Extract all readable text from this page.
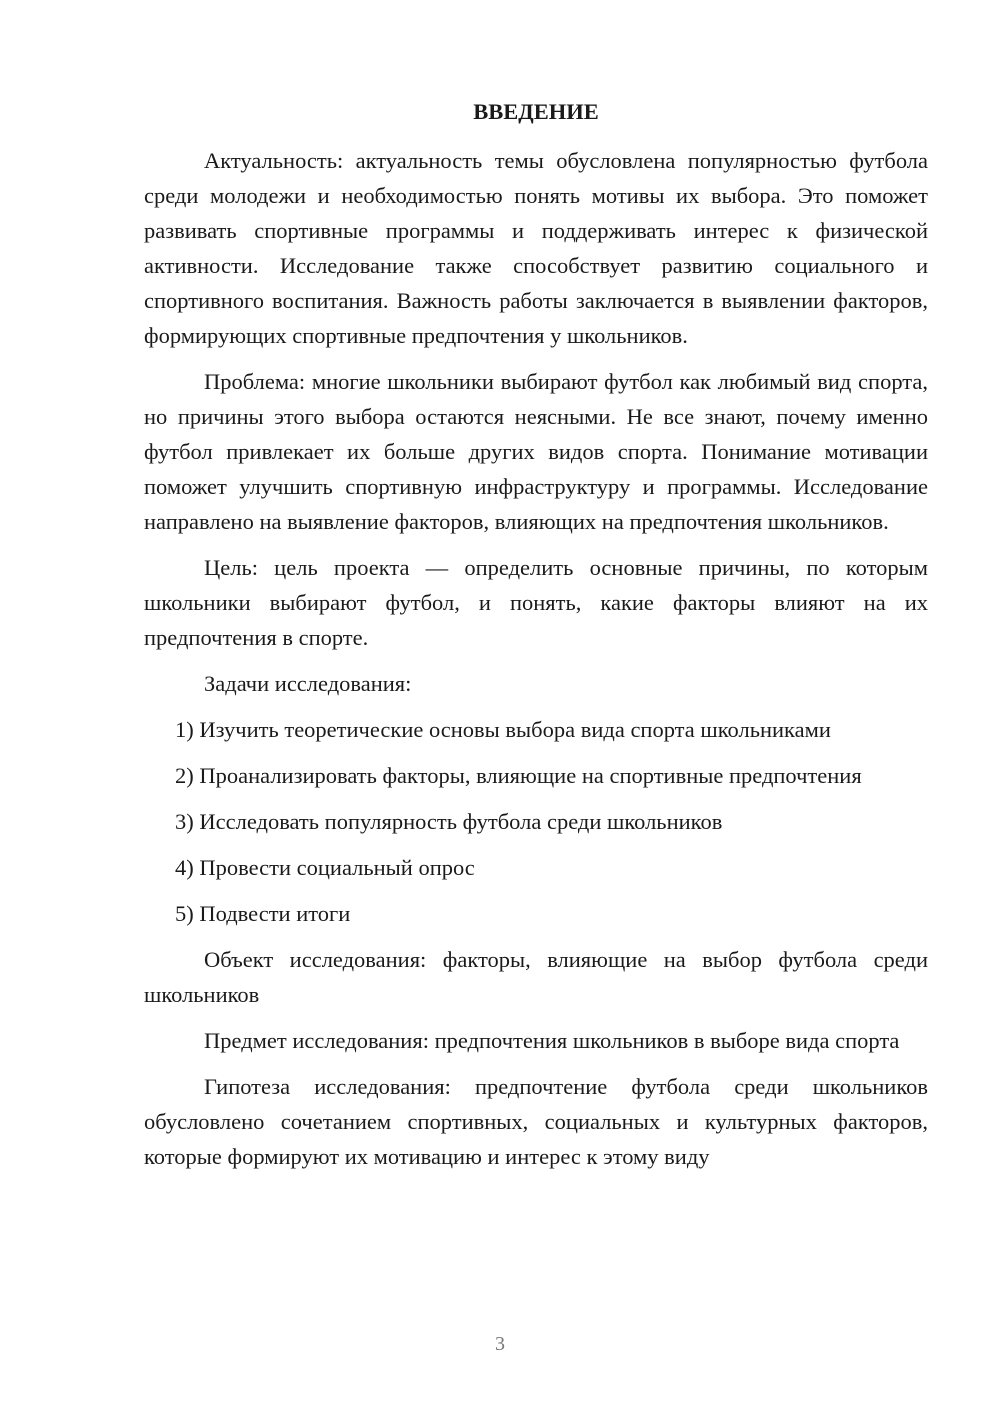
ВВЕДЕНИЕ

Актуальность: актуальность темы обусловлена популярностью футбола среди молодежи и необходимостью понять мотивы их выбора. Это поможет развивать спортивные программы и поддерживать интерес к физической активности. Исследование также способствует развитию социального и спортивного воспитания. Важность работы заключается в выявлении факторов, формирующих спортивные предпочтения у школьников.

Проблема: многие школьники выбирают футбол как любимый вид спорта, но причины этого выбора остаются неясными. Не все знают, почему именно футбол привлекает их больше других видов спорта. Понимание мотивации поможет улучшить спортивную инфраструктуру и программы. Исследование направлено на выявление факторов, влияющих на предпочтения школьников.

Цель: цель проекта — определить основные причины, по которым школьники выбирают футбол, и понять, какие факторы влияют на их предпочтения в спорте.

Задачи исследования:

1) Изучить теоретические основы выбора вида спорта школьниками

2) Проанализировать факторы, влияющие на спортивные предпочтения

3) Исследовать популярность футбола среди школьников

4) Провести социальный опрос

5) Подвести итоги

Объект исследования: факторы, влияющие на выбор футбола среди школьников

Предмет исследования: предпочтения школьников в выборе вида спорта

Гипотеза исследования: предпочтение футбола среди школьников обусловлено сочетанием спортивных, социальных и культурных факторов, которые формируют их мотивацию и интерес к этому виду

3
